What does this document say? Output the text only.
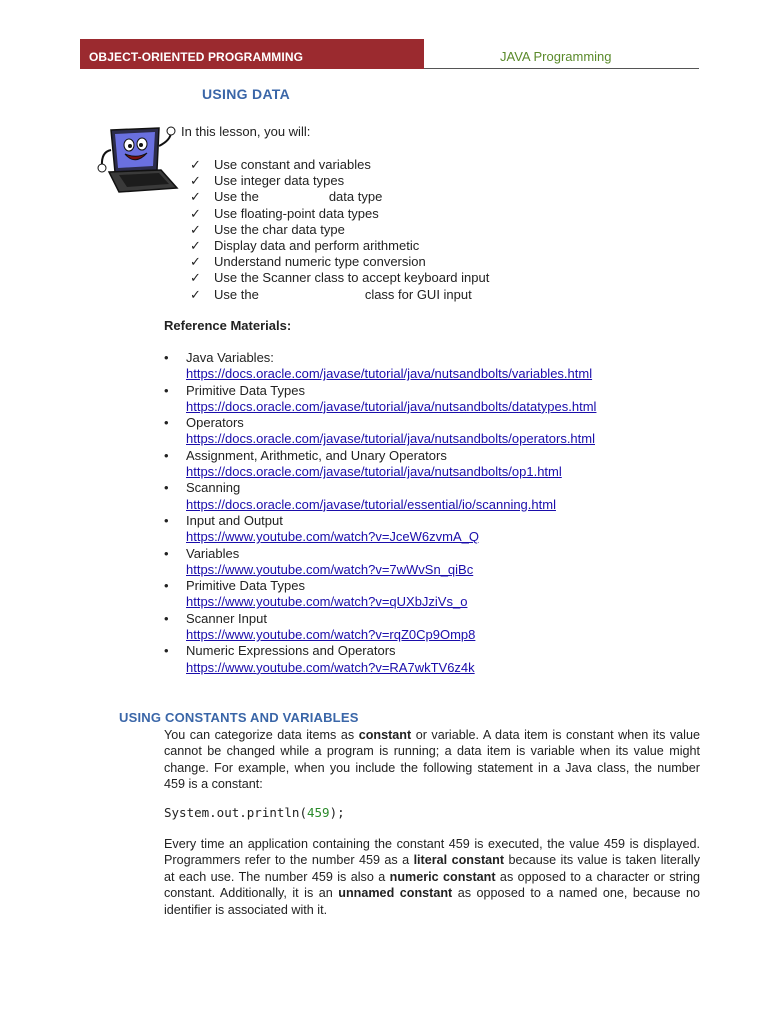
OBJECT-ORIENTED PROGRAMMING	JAVA Programming
USING DATA
In this lesson, you will:
✓ Use constant and variables
✓ Use integer data types
✓ Use the	data type
✓ Use floating-point data types
✓ Use the char data type
✓ Display data and perform arithmetic
✓ Understand numeric type conversion
✓ Use the Scanner class to accept keyboard input
✓ Use the	class for GUI input
Reference Materials:
• Java Variables:
https://docs.oracle.com/javase/tutorial/java/nutsandbolts/variables.html
• Primitive Data Types
https://docs.oracle.com/javase/tutorial/java/nutsandbolts/datatypes.html
• Operators
https://docs.oracle.com/javase/tutorial/java/nutsandbolts/operators.html
• Assignment, Arithmetic, and Unary Operators
https://docs.oracle.com/javase/tutorial/java/nutsandbolts/op1.html
• Scanning
https://docs.oracle.com/javase/tutorial/essential/io/scanning.html
• Input and Output
https://www.youtube.com/watch?v=JceW6zvmA_Q
• Variables
https://www.youtube.com/watch?v=7wWvSn_qiBc
• Primitive Data Types
https://www.youtube.com/watch?v=qUXbJziVs_o
• Scanner Input
https://www.youtube.com/watch?v=rqZ0Cp9Omp8
• Numeric Expressions and Operators
https://www.youtube.com/watch?v=RA7wkTV6z4k
USING CONSTANTS AND VARIABLES

You can categorize data items as constant or variable. A data item is constant when its value cannot be changed while a program is running; a data item is variable when its value might change. For example, when you include the following statement in a Java class, the number 459 is a constant:

System.out.println(459);

Every time an application containing the constant 459 is executed, the value 459 is displayed. Programmers refer to the number 459 as a literal constant because its value is taken literally at each use. The number 459 is also a numeric constant as opposed to a character or string constant. Additionally, it is an unnamed constant as opposed to a named one, because no identifier is associated with it.
